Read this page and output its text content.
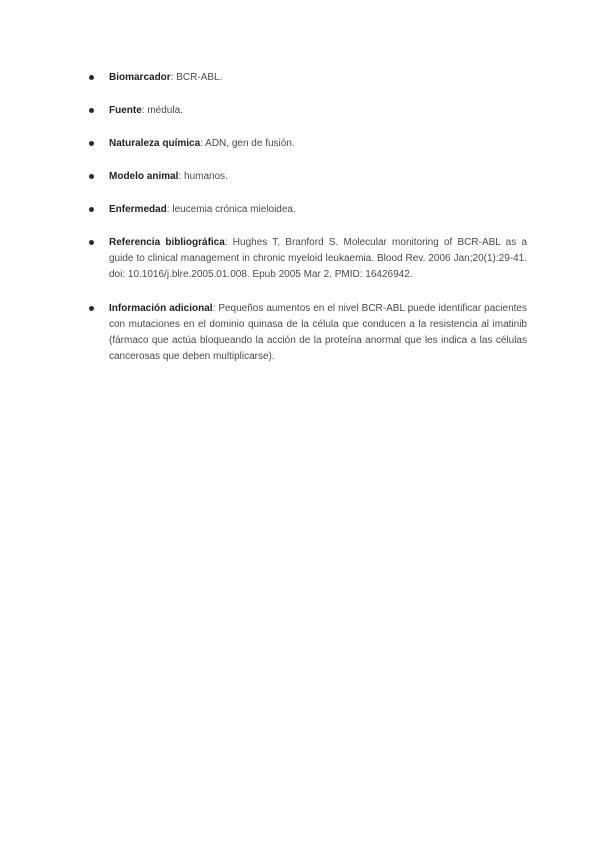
Biomarcador: BCR-ABL.
Fuente: médula.
Naturaleza química: ADN, gen de fusión.
Modelo animal: humanos.
Enfermedad: leucemia crónica mieloidea.
Referencia bibliográfica: Hughes T, Branford S. Molecular monitoring of BCR-ABL as a guide to clinical management in chronic myeloid leukaemia. Blood Rev. 2006 Jan;20(1):29-41. doi: 10.1016/j.blre.2005.01.008. Epub 2005 Mar 2. PMID: 16426942.
Información adicional: Pequeños aumentos en el nivel BCR-ABL puede identificar pacientes con mutaciones en el dominio quinasa de la célula que conducen a la resistencia al imatinib (fármaco que actúa bloqueando la acción de la proteína anormal que les indica a las células cancerosas que deben multiplicarse).
